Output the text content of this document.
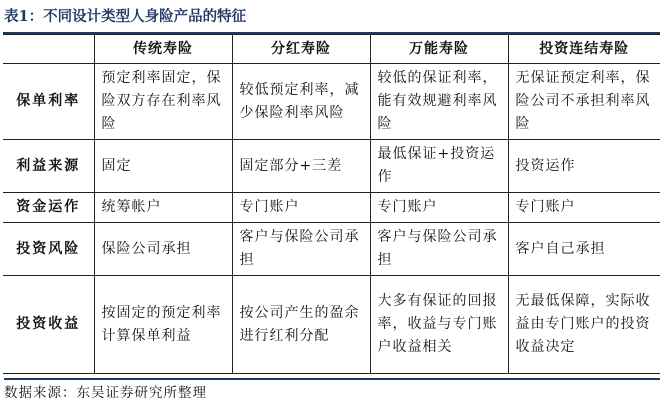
表1：不同设计类型人身险产品的特征
	传统寿险	分红寿险	万能寿险	投资连结寿险
保单利率	预定利率固定，保险双方存在利率风险	较低预定利率，减少保险利率风险	较低的保证利率，能有效规避利率风险	无保证预定利率，保险公司不承担利率风险
利益来源	固定	固定部分+三差	最低保证+投资运作	投资运作
资金运作	统筹帐户	专门账户	专门账户	专门账户
投资风险	保险公司承担	客户与保险公司承担	客户与保险公司承担	客户自己承担
投资收益	按固定的预定利率计算保单利益	按公司产生的盈余进行红利分配	大多有保证的回报率，收益与专门账户收益相关	无最低保障，实际收益由专门账户的投资收益决定
数据来源：东吴证券研究所整理
